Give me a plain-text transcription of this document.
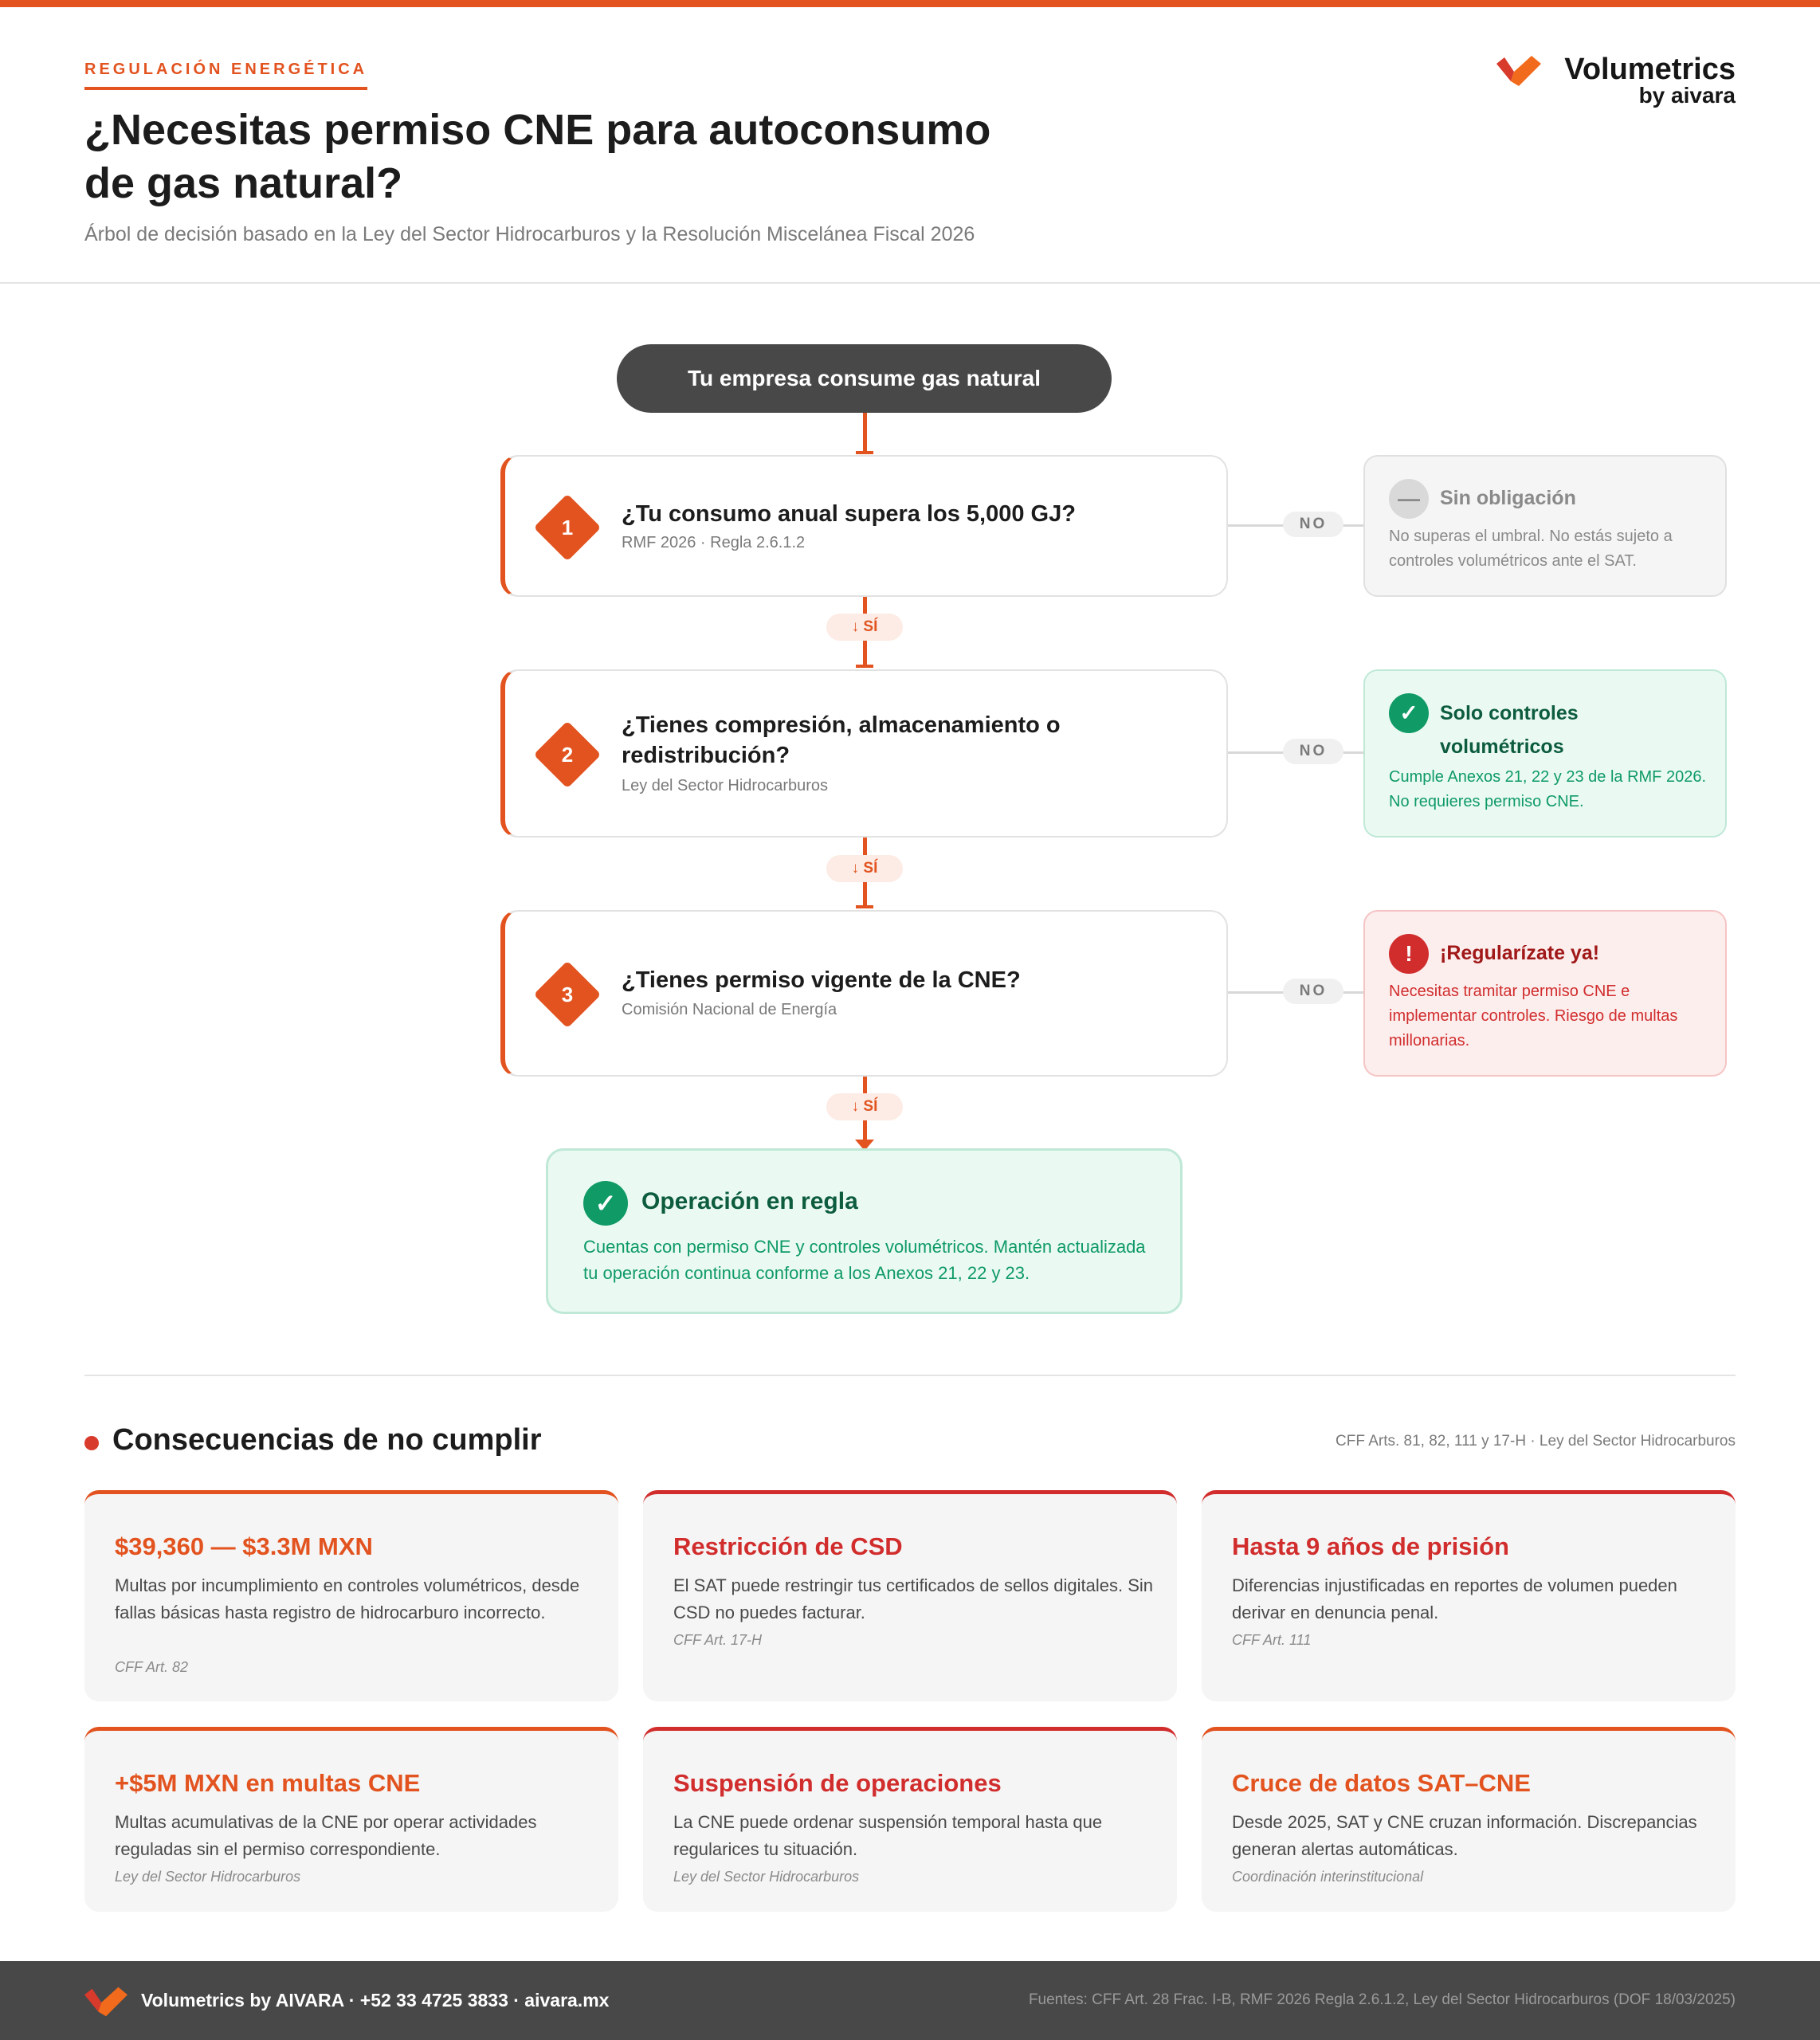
REGULACIÓN ENERGÉTICA
¿Necesitas permiso CNE para autoconsumo de gas natural?
Árbol de decisión basado en la Ley del Sector Hidrocarburos y la Resolución Miscelánea Fiscal 2026
Volumetrics
by aivara
Tu empresa consume gas natural
1
¿Tu consumo anual supera los 5,000 GJ?
RMF 2026 · Regla 2.6.1.2
NO
—	Sin obligación
No superas el umbral. No estás sujeto a controles volumétricos ante el SAT.
↓ SÍ
2
¿Tienes compresión, almacenamiento o redistribución?
Ley del Sector Hidrocarburos
NO
✓	Solo controles volumétricos
Cumple Anexos 21, 22 y 23 de la RMF 2026. No requieres permiso CNE.
↓ SÍ
3
¿Tienes permiso vigente de la CNE?
Comisión Nacional de Energía
NO
!	¡Regularízate ya!
Necesitas tramitar permiso CNE e implementar controles. Riesgo de multas millonarias.
↓ SÍ
✓	Operación en regla
Cuentas con permiso CNE y controles volumétricos. Mantén actualizada tu operación continua conforme a los Anexos 21, 22 y 23.
Consecuencias de no cumplir	CFF Arts. 81, 82, 111 y 17-H · Ley del Sector Hidrocarburos
$39,360 — $3.3M MXN
Multas por incumplimiento en controles volumétricos, desde fallas básicas hasta registro de hidrocarburo incorrecto.
CFF Art. 82
Restricción de CSD
El SAT puede restringir tus certificados de sellos digitales. Sin CSD no puedes facturar.
CFF Art. 17-H
Hasta 9 años de prisión
Diferencias injustificadas en reportes de volumen pueden derivar en denuncia penal.
CFF Art. 111
+$5M MXN en multas CNE
Multas acumulativas de la CNE por operar actividades reguladas sin el permiso correspondiente.
Ley del Sector Hidrocarburos
Suspensión de operaciones
La CNE puede ordenar suspensión temporal hasta que regularices tu situación.
Ley del Sector Hidrocarburos
Cruce de datos SAT–CNE
Desde 2025, SAT y CNE cruzan información. Discrepancias generan alertas automáticas.
Coordinación interinstitucional
Volumetrics by AIVARA · +52 33 4725 3833 · aivara.mx	Fuentes: CFF Art. 28 Frac. I-B, RMF 2026 Regla 2.6.1.2, Ley del Sector Hidrocarburos (DOF 18/03/2025)
